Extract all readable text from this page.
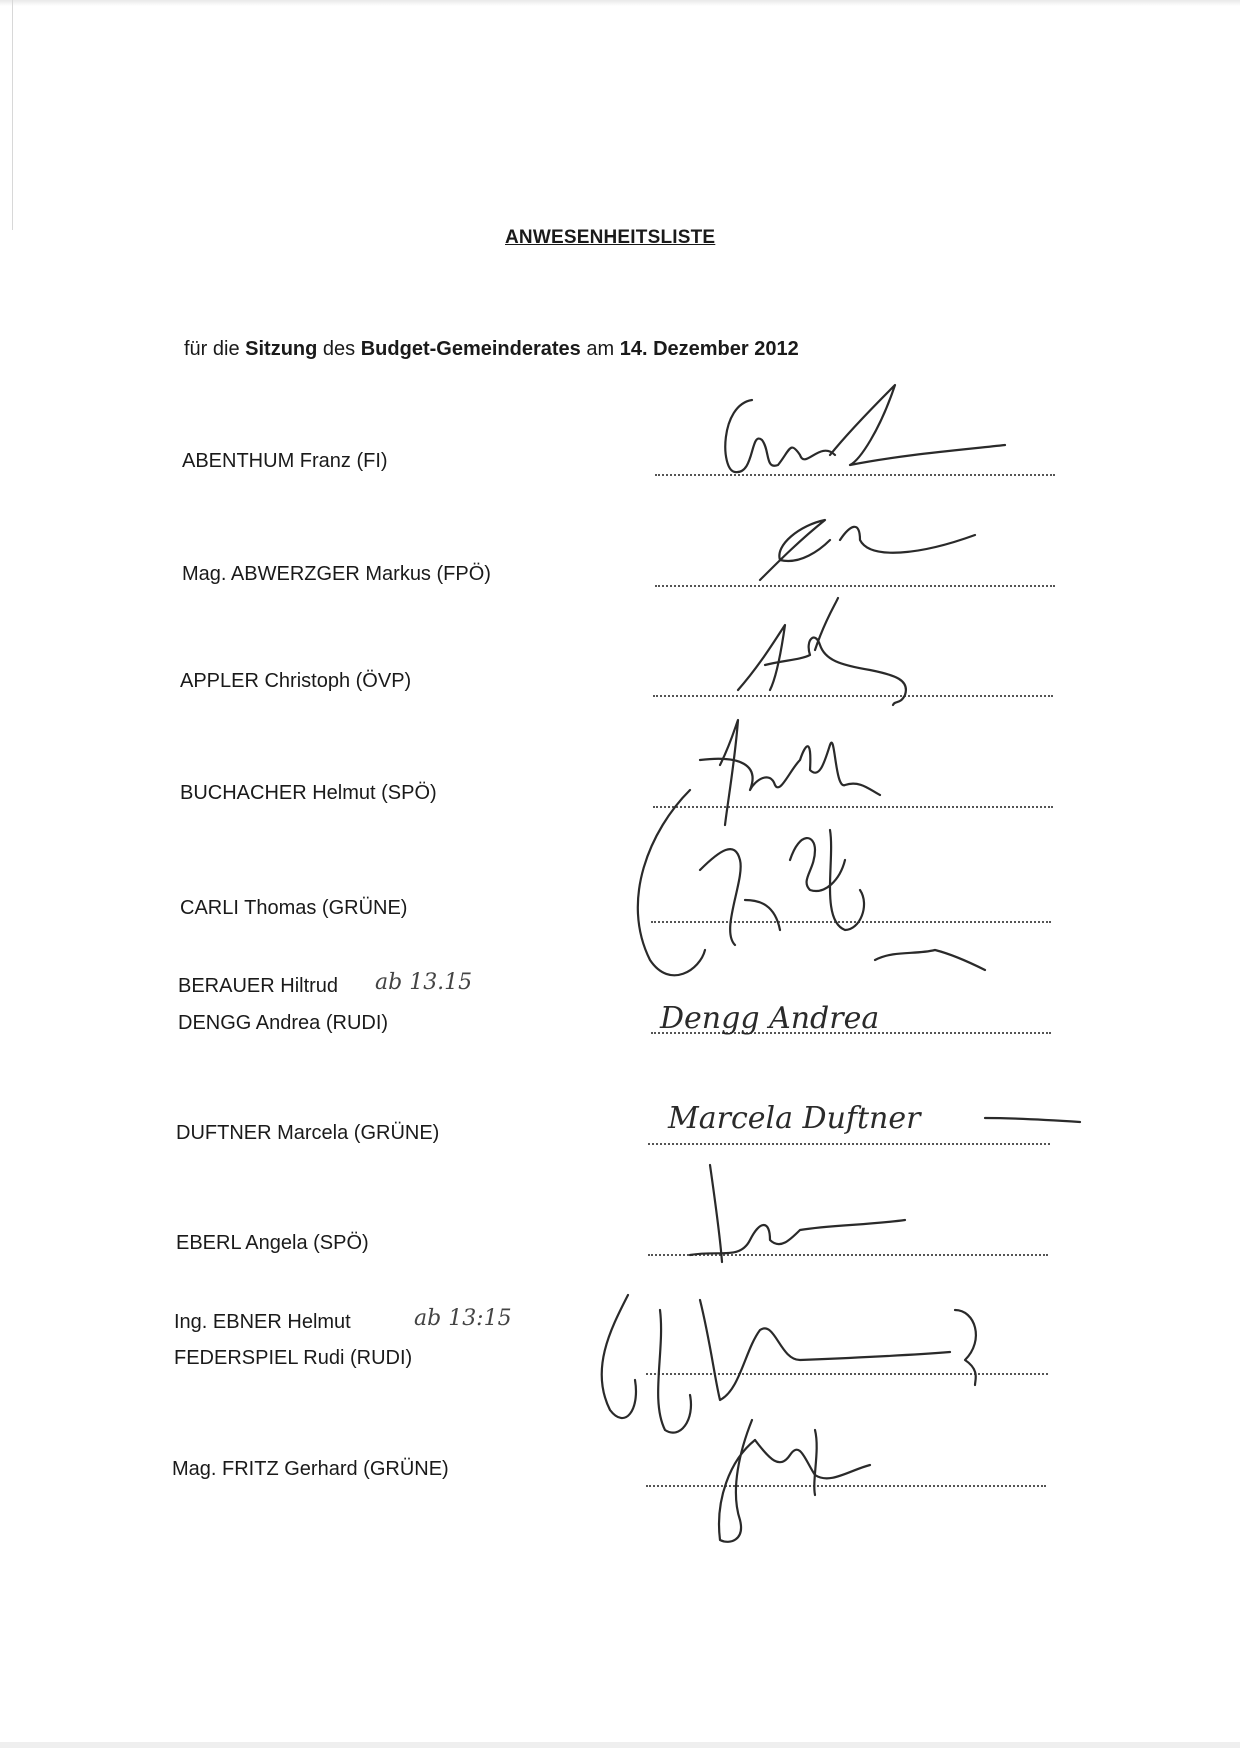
ANWESENHEITSLISTE
für die Sitzung des Budget-Gemeinderates am 14. Dezember 2012
ABENTHUM Franz (FI)
Mag. ABWERZGER Markus (FPÖ)
APPLER Christoph (ÖVP)
BUCHACHER Helmut (SPÖ)
CARLI Thomas (GRÜNE)
BERAUER Hiltrud
DENGG Andrea (RUDI)
DUFTNER Marcela (GRÜNE)
EBERL Angela (SPÖ)
Ing. EBNER Helmut
FEDERSPIEL Rudi (RUDI)
Mag. FRITZ Gerhard (GRÜNE)
ab 13.15
ab 13:15
Dengg Andrea
Marcela Duftner
